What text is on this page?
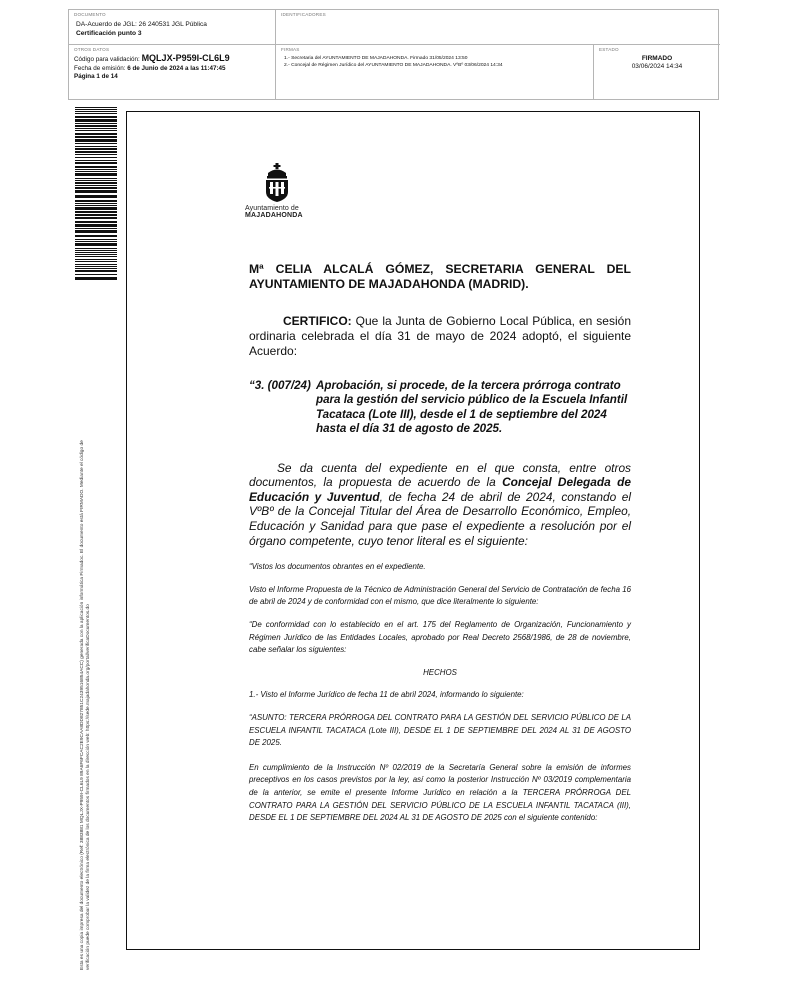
DOCUMENTO
DA-Acuerdo de JGL: 26 240531 JGL Pública
Certificación punto 3
IDENTIFICADORES
OTROS DATOS
Código para validación: MQLJX-P959I-CL6L9
Fecha de emisión: 6 de Junio de 2024 a las 11:47:45
Página 1 de 14
FIRMAS
1.- Secretaria del AYUNTAMIENTO DE MAJADAHONDA. Firmado 31/05/2024 13:50
2.- Concejal de Régimen Jurídico del AYUNTAMIENTO DE MAJADAHONDA. VºBº 03/06/2024 14:34
ESTADO
FIRMADO
03/06/2024 14:34
Esta es una copia impresa del documento electrónico (Ref: 3883881 MQLJX-P959I-CL6L9 89A6F6FCAC2E9CAA8DD827851C2439516854ACC) generada con la aplicación informática Firmadoc. El documento está FIRMADO. Mediante el código de verificación puede comprobar la validez de la firma electrónica de los documentos firmados en la dirección web: https://sede.majadahonda.org/portal/verificaDocumentos.do
Ayuntamiento de
MAJADAHONDA
Mª CELIA ALCALÁ GÓMEZ, SECRETARIA GENERAL DEL AYUNTAMIENTO DE MAJADAHONDA (MADRID).
CERTIFICO: Que la Junta de Gobierno Local Pública, en sesión ordinaria celebrada el día 31 de mayo de 2024 adoptó, el siguiente Acuerdo:
“3. (007/24) Aprobación, si procede, de la tercera prórroga contrato para la gestión del servicio público de la Escuela Infantil Tacataca (Lote III), desde el 1 de septiembre del 2024 hasta el día 31 de agosto de 2025.
Se da cuenta del expediente en el que consta, entre otros documentos, la propuesta de acuerdo de la Concejal Delegada de Educación y Juventud, de fecha 24 de abril de 2024, constando el VºBº de la Concejal Titular del Área de Desarrollo Económico, Empleo, Educación y Sanidad para que pase el expediente a resolución por el órgano competente, cuyo tenor literal es el siguiente:
“Vistos los documentos obrantes en el expediente.
Visto el Informe Propuesta de la Técnico de Administración General del Servicio de Contratación de fecha 16 de abril de 2024 y de conformidad con el mismo, que dice literalmente lo siguiente:
“De conformidad con lo establecido en el art. 175 del Reglamento de Organización, Funcionamiento y Régimen Jurídico de las Entidades Locales, aprobado por Real Decreto 2568/1986, de 28 de noviembre, cabe señalar los siguientes:
HECHOS
1.- Visto el Informe Jurídico de fecha 11 de abril 2024, informando lo siguiente:
“ASUNTO: TERCERA PRÓRROGA DEL CONTRATO PARA LA GESTIÓN DEL SERVICIO PÚBLICO DE LA ESCUELA INFANTIL TACATACA (Lote III), DESDE EL 1 DE SEPTIEMBRE DEL 2024 AL 31 DE AGOSTO DE 2025.
En cumplimiento de la Instrucción Nº 02/2019 de la Secretaría General sobre la emisión de informes preceptivos en los casos previstos por la ley, así como la posterior Instrucción Nº 03/2019 complementaria de la anterior, se emite el presente Informe Jurídico en relación a la TERCERA PRÓRROGA DEL CONTRATO PARA LA GESTIÓN DEL SERVICIO PÚBLICO DE LA ESCUELA INFANTIL TACATACA (III), DESDE EL 1 DE SEPTIEMBRE DEL 2024 AL 31 DE AGOSTO DE 2025 con el siguiente contenido:
